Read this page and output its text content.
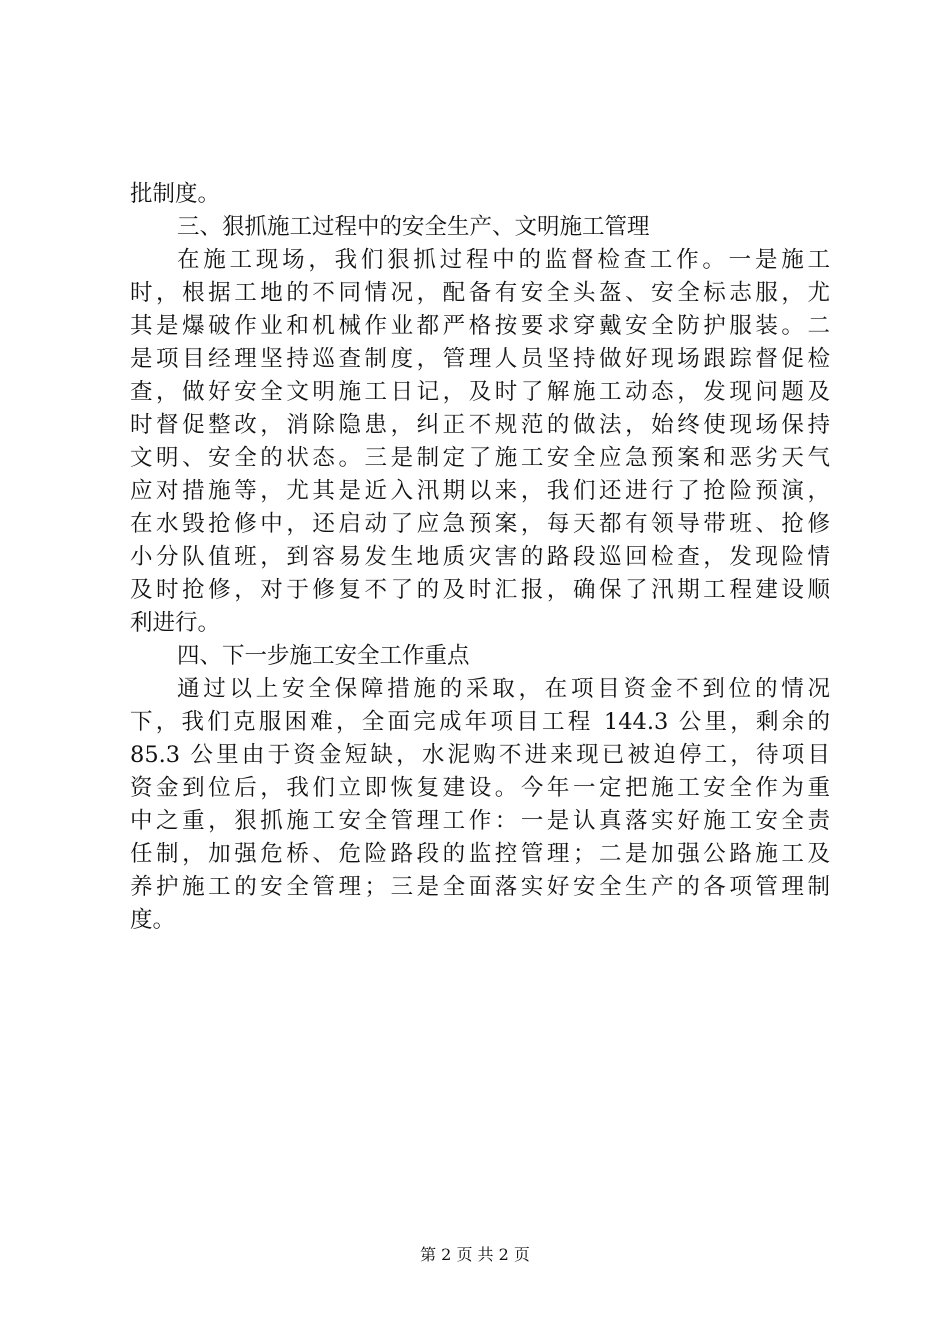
批制度。
三、狠抓施工过程中的安全生产、文明施工管理
在施工现场，我们狠抓过程中的监督检查工作。一是施工
时，根据工地的不同情况，配备有安全头盔、安全标志服，尤
其是爆破作业和机械作业都严格按要求穿戴安全防护服装。二
是项目经理坚持巡查制度，管理人员坚持做好现场跟踪督促检
查，做好安全文明施工日记，及时了解施工动态，发现问题及
时督促整改，消除隐患，纠正不规范的做法，始终使现场保持
文明、安全的状态。三是制定了施工安全应急预案和恶劣天气
应对措施等，尤其是近入汛期以来，我们还进行了抢险预演，
在水毁抢修中，还启动了应急预案，每天都有领导带班、抢修
小分队值班，到容易发生地质灾害的路段巡回检查，发现险情
及时抢修，对于修复不了的及时汇报，确保了汛期工程建设顺
利进行。
四、下一步施工安全工作重点
通过以上安全保障措施的采取，在项目资金不到位的情况
下，我们克服困难，全面完成年项目工程 144.3 公里，剩余的
85.3 公里由于资金短缺，水泥购不进来现已被迫停工，待项目
资金到位后，我们立即恢复建设。今年一定把施工安全作为重
中之重，狠抓施工安全管理工作：一是认真落实好施工安全责
任制，加强危桥、危险路段的监控管理；二是加强公路施工及
养护施工的安全管理；三是全面落实好安全生产的各项管理制
度。
第 2 页 共 2 页
